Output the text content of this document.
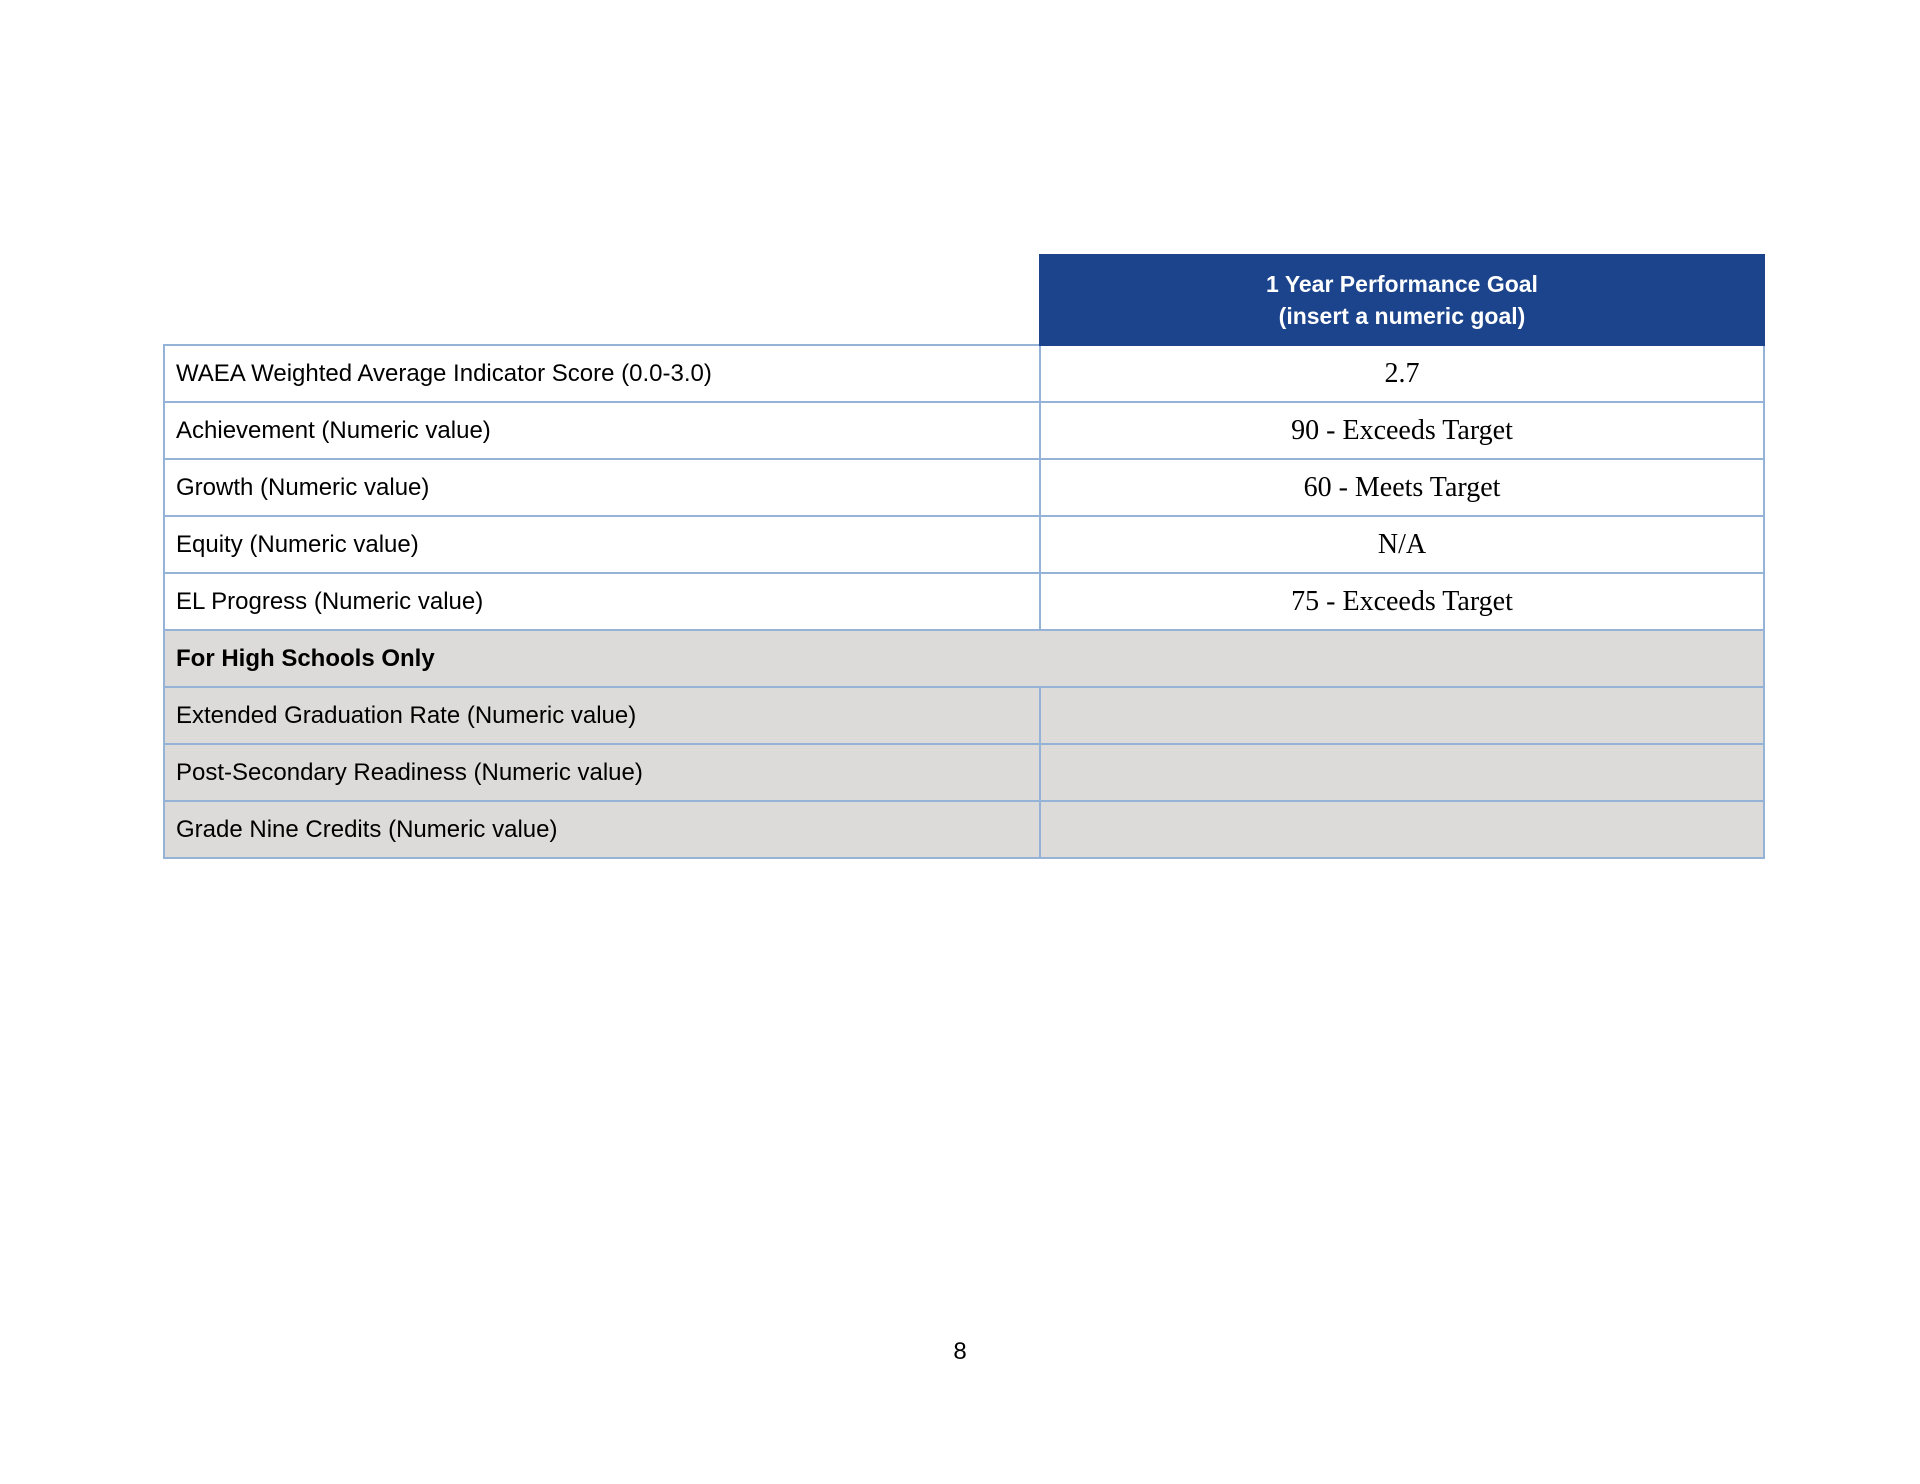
	1 Year Performance Goal
(insert a numeric goal)

WAEA Weighted Average Indicator Score (0.0-3.0)	2.7
Achievement (Numeric value)	90 - Exceeds Target
Growth (Numeric value)	60 - Meets Target
Equity (Numeric value)	N/A
EL Progress (Numeric value)	75 - Exceeds Target
For High Schools Only	
Extended Graduation Rate (Numeric value)	
Post-Secondary Readiness (Numeric value)	
Grade Nine Credits (Numeric value)	
8
